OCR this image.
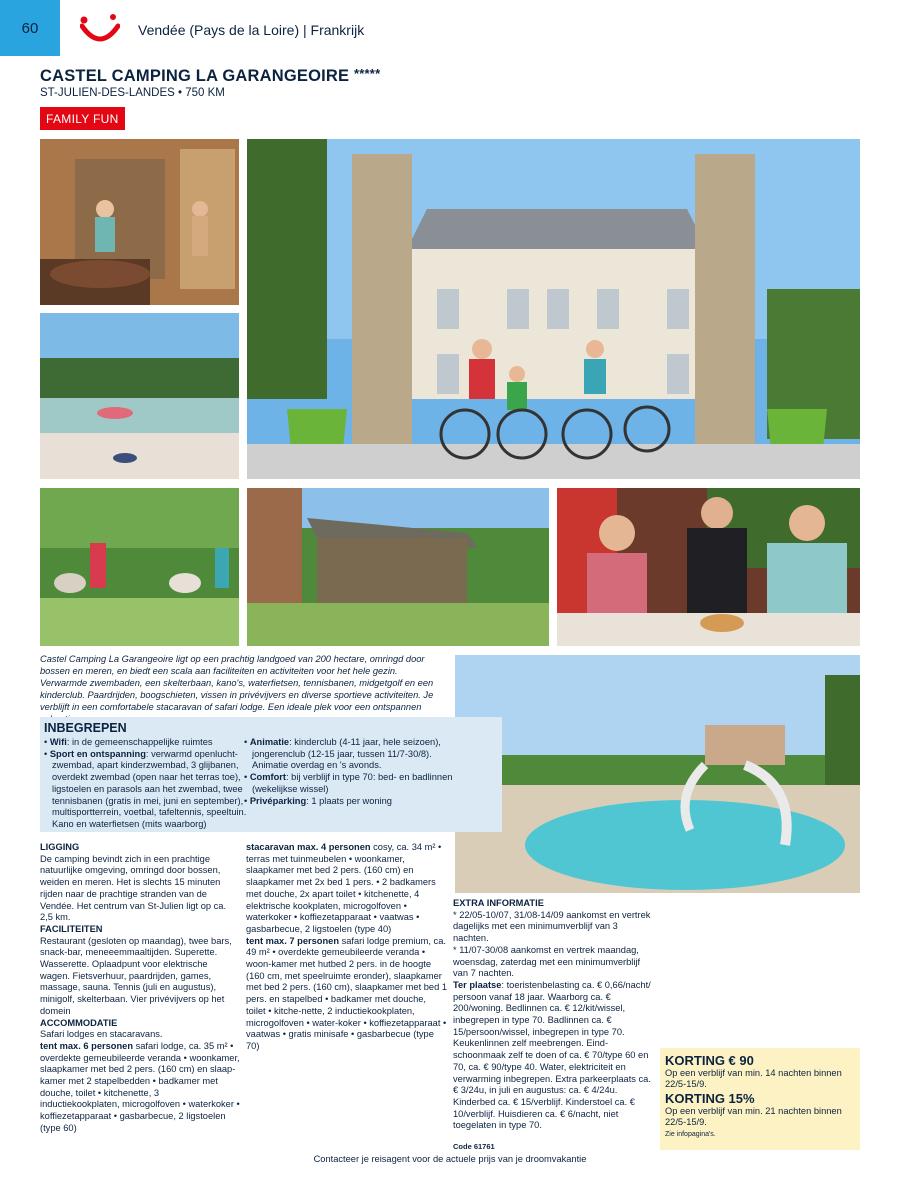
60	Vendée (Pays de la Loire) | Frankrijk
CASTEL CAMPING LA GARANGEOIRE *****
ST-JULIEN-DES-LANDES • 750 KM
FAMILY FUN
Castel Camping La Garangeoire ligt op een prachtig landgoed van 200 hectare, omringd door bossen en meren, en biedt een scala aan faciliteiten en activiteiten voor het hele gezin. Verwarmde zwembaden, een skelterbaan, kano's, waterfietsen, tennisbanen, midgetgolf en een kinderclub. Paardrijden, boogschieten, vissen in privévijvers en diverse sportieve activiteiten. Je verblijft in een comfortabele stacaravan of safari lodge. Een ideale plek voor een ontspannen
INBEGREPEN
• Wifi: in de gemeenschappelijke ruimtes
• Sport en ontspanning: verwarmd openlucht-zwembad, apart kinderzwembad, 3 glijbanen, overdekt zwembad (open naar het terras toe), ligstoelen en parasols aan het zwembad, twee tennisbanen (gratis in mei, juni en september), multisportterrein, voetbal, tafeltennis, speeltuin. Kano en waterfietsen (mits waarborg)
• Animatie: kinderclub (4-11 jaar, hele seizoen), jongerenclub (12-15 jaar, tussen 11/7-30/8). Animatie overdag en 's avonds.
• Comfort: bij verblijf in type 70: bed- en badlinnen (wekelijkse wissel)
• Privéparking: 1 plaats per woning
LIGGING

De camping bevindt zich in een prachtige natuurlijke omgeving, omringd door bossen, weiden en meren. Het is slechts 15 minuten rijden naar de prachtige stranden van de Vendée. Het centrum van St-Julien ligt op ca. 2,5 km.

FACILITEITEN

Restaurant (gesloten op maandag), twee bars, snack-bar, meneeemmaaltijden. Superette. Wasserette. Oplaadpunt voor elektrische wagen. Fietsverhuur, paardrijden, games, massage, sauna. Tennis (juli en augustus), minigolf, skelterbaan. Vier privévijvers op het domein

ACCOMMODATIE

Safari lodges en stacaravans.

tent max. 6 personen safari lodge, ca. 35 m² • overdekte gemeubileerde veranda • woonkamer, slaapkamer met bed 2 pers. (160 cm) en slaap-kamer met 2 stapelbedden • badkamer met douche, toilet • kitchenette, 3 inductiekookplaten, microgolfoven • waterkoker • koffiezetapparaat • gasbarbecue, 2 ligstoelen (type 60)

stacaravan max. 4 personen cosy, ca. 34 m² • terras met tuinmeubelen • woonkamer, slaapkamer met bed 2 pers. (160 cm) en slaapkamer met 2x bed 1 pers. • 2 badkamers met douche, 2x apart toilet • kitchenette, 4 elektrische kookplaten, microgolfoven • waterkoker • koffiezetapparaat • vaatwas • gasbarbecue, 2 ligstoelen (type 40)

tent max. 7 personen safari lodge premium, ca. 49 m² • overdekte gemeubileerde veranda • woon-kamer met hutbed 2 pers. in de hoogte (160 cm, met speelruimte eronder), slaapkamer met bed 2 pers. (160 cm), slaapkamer met bed 1 pers. en stapelbed • badkamer met douche, toilet • kitche-nette, 2 inductiekookplaten, microgolfoven • water-koker • koffiezetapparaat • vaatwas • gratis minisafe • gasbarbecue (type 70)

EXTRA INFORMATIE

* 22/05-10/07, 31/08-14/09 aankomst en vertrek dagelijks met een minimumverblijf van 3 nachten.

* 11/07-30/08 aankomst en vertrek maandag, woensdag, zaterdag met een minimumverblijf van 7 nachten.

Ter plaatse: toeristenbelasting ca. € 0,66/nacht/ persoon vanaf 18 jaar. Waarborg ca. € 200/woning. Bedlinnen ca. € 12/kit/wissel, inbegrepen in type 70. Badlinnen ca. € 15/persoon/wissel, inbegrepen in type 70. Keukenlinnen zelf meebrengen. Eind-schoonmaak zelf te doen of ca. € 70/type 60 en 70, ca. € 90/type 40. Water, elektriciteit en verwarming inbegrepen. Extra parkeerplaats ca. € 3/24u, in juli en augustus: ca. € 4/24u. Kinderbed ca. € 15/verblijf. Kinderstoel ca. € 10/verblijf. Huisdieren ca. € 6/nacht, niet toegelaten in type 70.

Code 61761

KORTING € 90
Op een verblijf van min. 14 nachten binnen 22/5-15/9.
KORTING 15%
Op een verblijf van min. 21 nachten binnen 22/5-15/9.
Zie infopagina's.
Contacteer je reisagent voor de actuele prijs van je droomvakantie
